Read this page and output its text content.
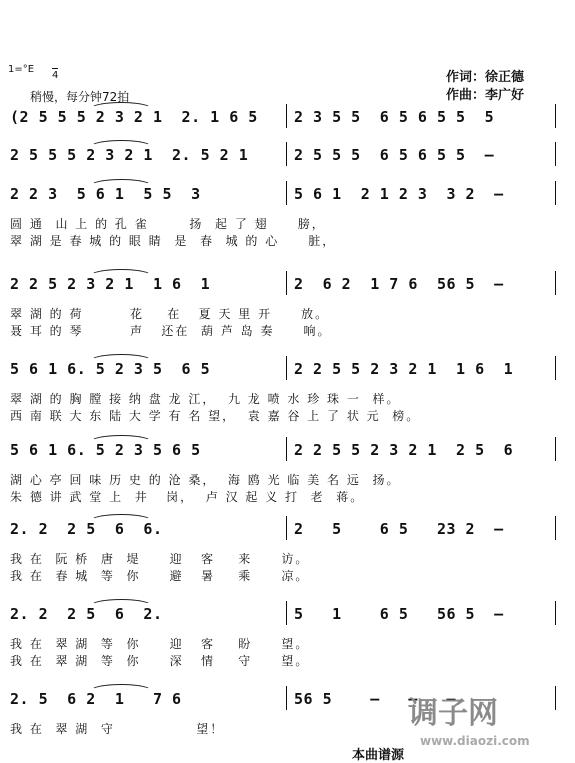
1=°E
4
稍慢，每分钟72拍
作词：徐正德
作曲：李广好
(2 5 5 5 2 3 2 1  2. 1 6 5 2 3 5 5  6 5 6 5 5  5
2 5 5 5 2 3 2 1  2. 5 2 1	2 5 5 5  6 5 6 5 5  –
2 2 3  5 6 1  5 5  3	5 6 1  2 1 2 3  3 2  –
圆 通  山 上 的 孔 雀       扬  起 了 翅     膀，
翠 湖 是 春 城 的 眼 睛  是  春  城 的 心     脏，
2 2 5 2 3 2 1  1 6  1	2  6 2  1 7 6  56 5  –
翠 湖 的 荷        花    在   夏 天 里 开     放。
聂 耳 的 琴        声   还在  葫 芦 岛 奏     响。
5 6 1 6. 5 2 3 5  6 5	2 2 5 5 2 3 2 1  1 6  1
翠 湖 的 胸 膛 接 纳 盘 龙 江，  九 龙 喷 水 珍 珠 一  样。
西 南 联 大 东 陆 大 学 有 名 望，  袁 嘉 谷 上 了 状 元  榜。
5 6 1 6. 5 2 3 5 6 5	2 2 5 5 2 3 2 1  2 5  6
湖 心 亭 回 味 历 史 的 沧 桑，  海 鸥 光 临 美 名 远  扬。
朱 德 讲 武 堂 上  井   岗，  卢 汉 起 义 打  老  蒋。
2. 2  2 5  6  6.	2   5    6 5   23 2  –
我 在  阮 桥  唐  堤     迎   客    来     访。
我 在  春 城  等  你     避   暑    乘     凉。
2. 2  2 5  6  2.	5   1    6 5   56 5  –
我 在  翠 湖  等  你     迎   客    盼     望。
我 在  翠 湖  等  你     深   情    守     望。
2. 5  6 2  1   7 6	56 5    –   –   –
我 在  翠 湖  守              望！	调子网
www.diaozi.com
本曲谱源
